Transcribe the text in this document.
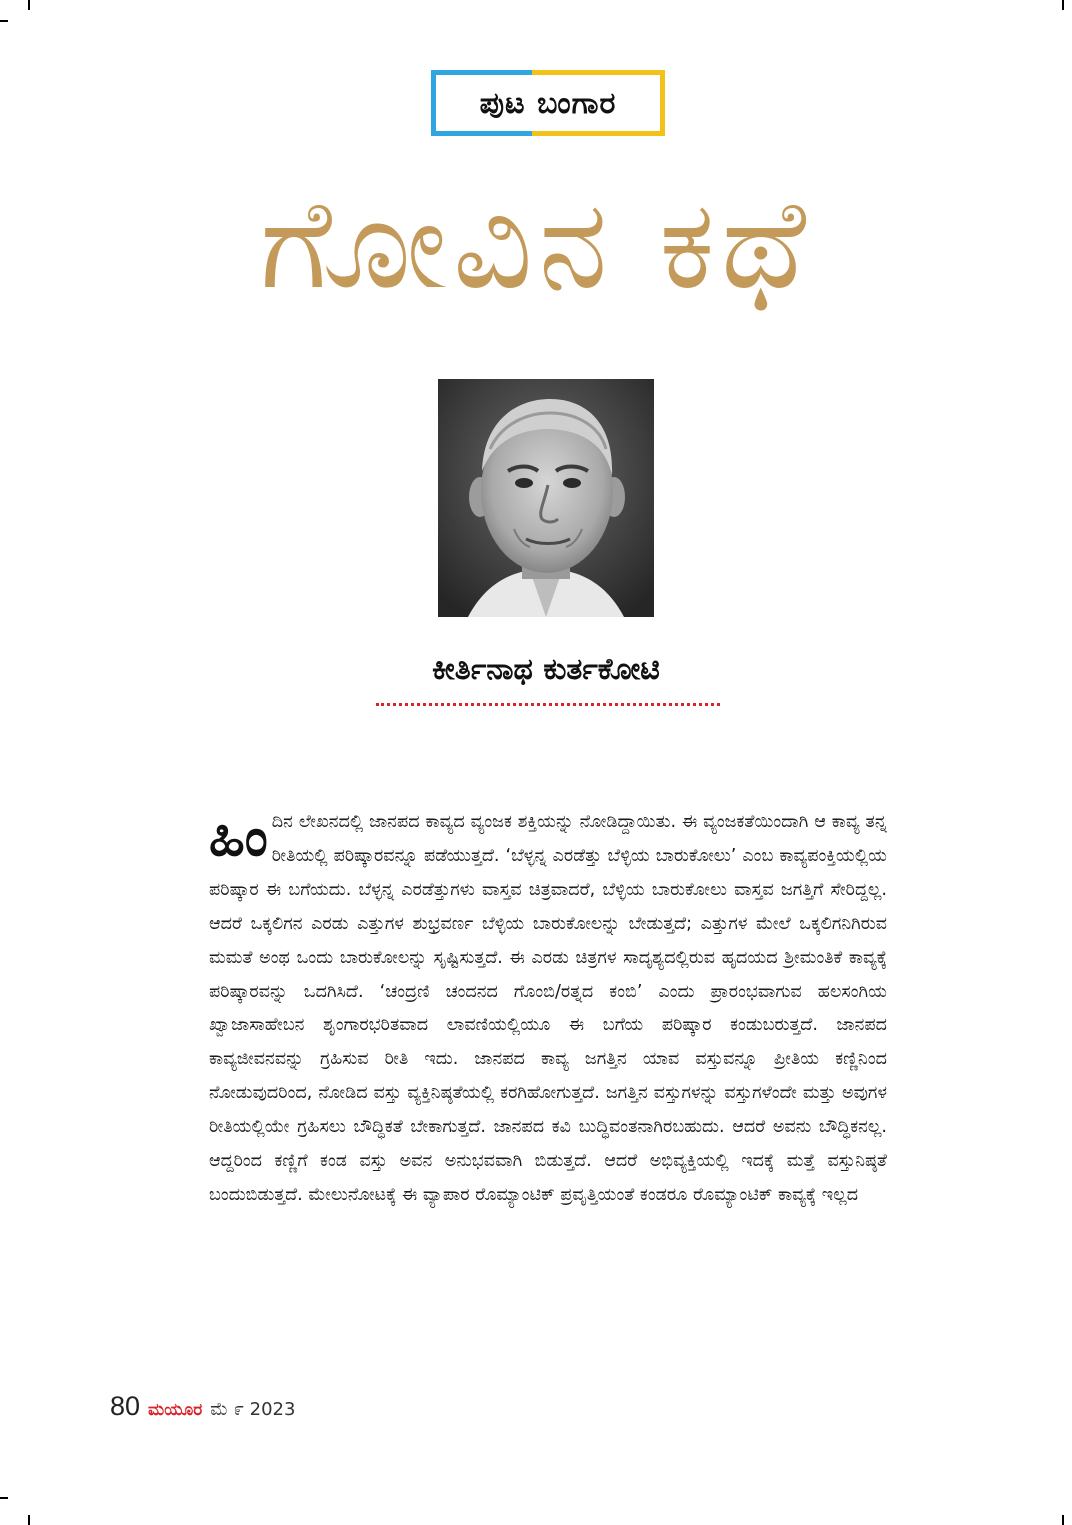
ಪುಟ ಬಂಗಾರ
ಗೋವಿನ ಕಥೆ
ಕೀರ್ತಿನಾಥ ಕುರ್ತಕೋಟಿ
ಹಿಂದಿನ ಲೇಖನದಲ್ಲಿ ಜಾನಪದ ಕಾವ್ಯದ ವ್ಯಂಜಕ ಶಕ್ತಿಯನ್ನು ನೋಡಿದ್ದಾಯಿತು. ಈ ವ್ಯಂಜಕತೆಯಿಂದಾಗಿ ಆ ಕಾವ್ಯ ತನ್ನ ರೀತಿಯಲ್ಲಿ ಪರಿಷ್ಕಾರವನ್ನೂ ಪಡೆಯುತ್ತದೆ. ‘ಬೆಳ್ಳನ್ನ ಎರಡೆತ್ತು ಬೆಳ್ಳಿಯ ಬಾರುಕೋಲು’ ಎಂಬ ಕಾವ್ಯಪಂಕ್ತಿಯಲ್ಲಿಯ ಪರಿಷ್ಕಾರ ಈ ಬಗೆಯದು. ಬೆಳ್ಳನ್ನ ಎರಡೆತ್ತುಗಳು ವಾಸ್ತವ ಚಿತ್ರವಾದರೆ, ಬೆಳ್ಳಿಯ ಬಾರುಕೋಲು ವಾಸ್ತವ ಜಗತ್ತಿಗೆ ಸೇರಿದ್ದಲ್ಲ. ಆದರೆ ಒಕ್ಕಲಿಗನ ಎರಡು ಎತ್ತುಗಳ ಶುಭ್ರವರ್ಣ ಬೆಳ್ಳಿಯ ಬಾರುಕೋಲನ್ನು ಬೇಡುತ್ತದೆ; ಎತ್ತುಗಳ ಮೇಲೆ ಒಕ್ಕಲಿಗನಿಗಿರುವ ಮಮತೆ ಅಂಥ ಒಂದು ಬಾರುಕೋಲನ್ನು ಸೃಷ್ಟಿಸುತ್ತದೆ. ಈ ಎರಡು ಚಿತ್ರಗಳ ಸಾದೃಶ್ಯದಲ್ಲಿರುವ ಹೃದಯದ ಶ್ರೀಮಂತಿಕೆ ಕಾವ್ಯಕ್ಕೆ ಪರಿಷ್ಕಾರವನ್ನು ಒದಗಿಸಿದೆ. ‘ಚಂದ್ರಣಿ ಚಂದನದ ಗೊಂಬಿ/ರತ್ನದ ಕಂಬಿ’ ಎಂದು ಪ್ರಾರಂಭವಾಗುವ ಹಲಸಂಗಿಯ ಖ್ವಾಜಾಸಾಹೇಬನ ಶೃಂಗಾರಭರಿತವಾದ ಲಾವಣಿಯಲ್ಲಿಯೂ ಈ ಬಗೆಯ ಪರಿಷ್ಕಾರ ಕಂಡುಬರುತ್ತದೆ. ಜಾನಪದ ಕಾವ್ಯಜೀವನವನ್ನು ಗ್ರಹಿಸುವ ರೀತಿ ಇದು. ಜಾನಪದ ಕಾವ್ಯ ಜಗತ್ತಿನ ಯಾವ ವಸ್ತುವನ್ನೂ ಪ್ರೀತಿಯ ಕಣ್ಣಿನಿಂದ ನೋಡುವುದರಿಂದ, ನೋಡಿದ ವಸ್ತು ವ್ಯಕ್ತಿನಿಷ್ಠತೆಯಲ್ಲಿ ಕರಗಿಹೋಗುತ್ತದೆ. ಜಗತ್ತಿನ ವಸ್ತುಗಳನ್ನು ವಸ್ತುಗಳೆಂದೇ ಮತ್ತು ಅವುಗಳ ರೀತಿಯಲ್ಲಿಯೇ ಗ್ರಹಿಸಲು ಬೌದ್ಧಿಕತೆ ಬೇಕಾಗುತ್ತದೆ. ಜಾನಪದ ಕವಿ ಬುದ್ಧಿವಂತನಾಗಿರಬಹುದು. ಆದರೆ ಅವನು ಬೌದ್ಧಿಕನಲ್ಲ. ಆದ್ದರಿಂದ ಕಣ್ಣಿಗೆ ಕಂಡ ವಸ್ತು ಅವನ ಅನುಭವವಾಗಿ ಬಿಡುತ್ತದೆ. ಆದರೆ ಅಭಿವ್ಯಕ್ತಿಯಲ್ಲಿ ಇದಕ್ಕೆ ಮತ್ತೆ ವಸ್ತುನಿಷ್ಠತೆ ಬಂದುಬಿಡುತ್ತದೆ. ಮೇಲುನೋಟಕ್ಕೆ ಈ ವ್ಯಾಪಾರ ರೊಮ್ಯಾಂಟಿಕ್ ಪ್ರವೃತ್ತಿಯಂತೆ ಕಂಡರೂ ರೊಮ್ಯಾಂಟಿಕ್ ಕಾವ್ಯಕ್ಕೆ ಇಲ್ಲದ
80 ಮಯೂರ ಮೆ ೯ 2023
